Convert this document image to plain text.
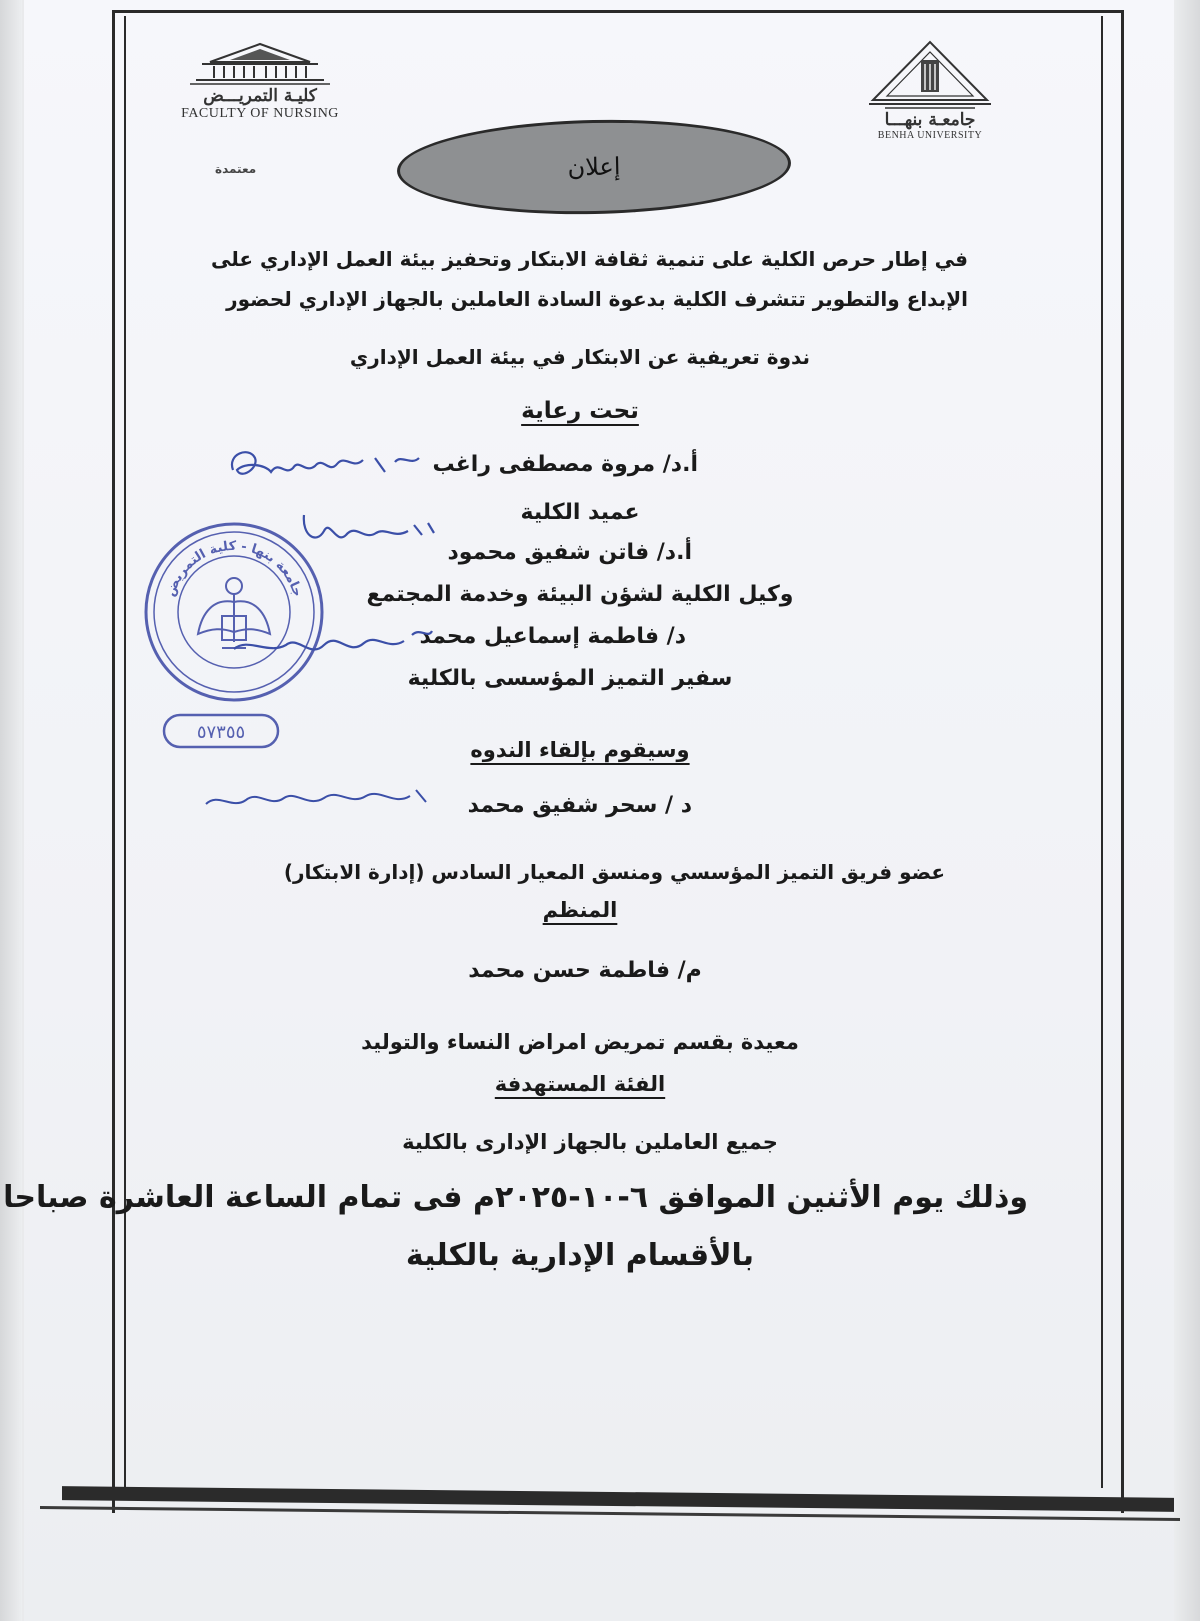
كليـة التمريـــض
FACULTY OF NURSING
معتمدة
جامعـة بنهـــا
BENHA UNIVERSITY
إعلان
في إطار حرص الكلية على تنمية ثقافة الابتكار وتحفيز بيئة العمل الإداري على
الإبداع والتطوير تتشرف الكلية بدعوة السادة العاملين بالجهاز الإداري لحضور
ندوة تعريفية عن الابتكار في بيئة العمل الإداري
تحت رعاية
أ.د/ مروة مصطفى راغب
عميد الكلية
أ.د/ فاتن شفيق محمود
وكيل الكلية لشؤن البيئة وخدمة المجتمع
د/ فاطمة إسماعيل محمد
سفير التميز المؤسسى بالكلية
وسيقوم بإلقاء الندوه
د / سحر شفيق محمد
عضو فريق التميز المؤسسي ومنسق المعيار السادس (إدارة الابتكار)
المنظم
م/ فاطمة حسن محمد
معيدة بقسم تمريض امراض النساء والتوليد
الفئة المستهدفة
جميع العاملين بالجهاز الإدارى بالكلية
وذلك يوم الأثنين الموافق ٦-١٠-٢٠٢٥م فى تمام الساعة العاشرة صباحا
بالأقسام الإدارية بالكلية
جامعة بنها - كلية التمريض
٥٧٣٥٥
